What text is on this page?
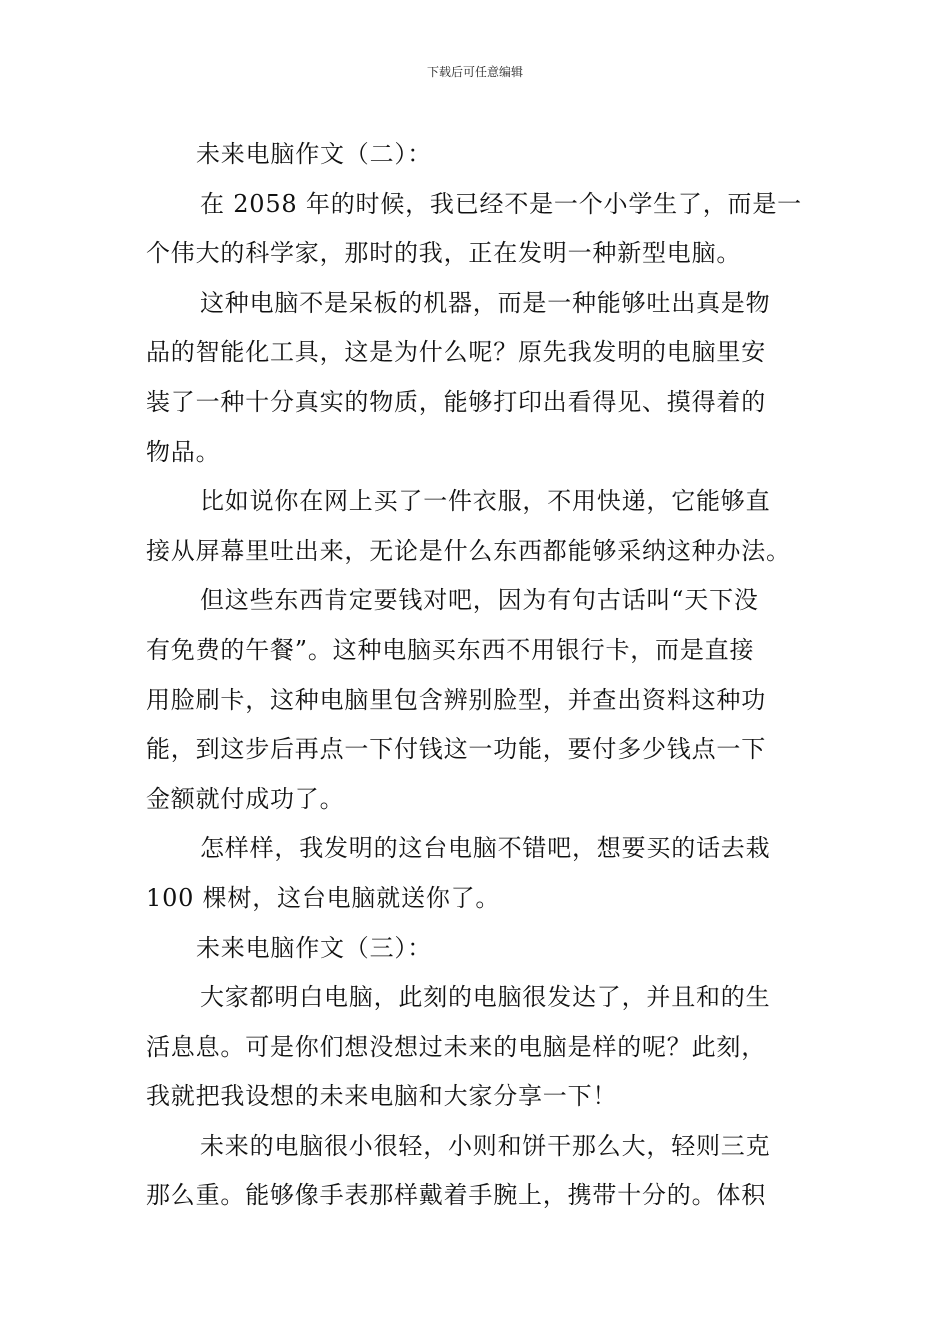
下载后可任意编辑
未来电脑作文（二）：
在 2058 年的时候，我已经不是一个小学生了，而是一
个伟大的科学家，那时的我，正在发明一种新型电脑。
这种电脑不是呆板的机器，而是一种能够吐出真是物
品的智能化工具，这是为什么呢？原先我发明的电脑里安
装了一种十分真实的物质，能够打印出看得见、摸得着的
物品。
比如说你在网上买了一件衣服，不用快递，它能够直
接从屏幕里吐出来，无论是什么东西都能够采纳这种办法。
但这些东西肯定要钱对吧，因为有句古话叫“天下没
有免费的午餐”。这种电脑买东西不用银行卡，而是直接
用脸刷卡，这种电脑里包含辨别脸型，并查出资料这种功
能，到这步后再点一下付钱这一功能，要付多少钱点一下
金额就付成功了。
怎样样，我发明的这台电脑不错吧，想要买的话去栽
100 棵树，这台电脑就送你了。
未来电脑作文（三）：
大家都明白电脑，此刻的电脑很发达了，并且和的生
活息息。可是你们想没想过未来的电脑是样的呢？此刻，
我就把我设想的未来电脑和大家分享一下！
未来的电脑很小很轻，小则和饼干那么大，轻则三克
那么重。能够像手表那样戴着手腕上，携带十分的。体积
